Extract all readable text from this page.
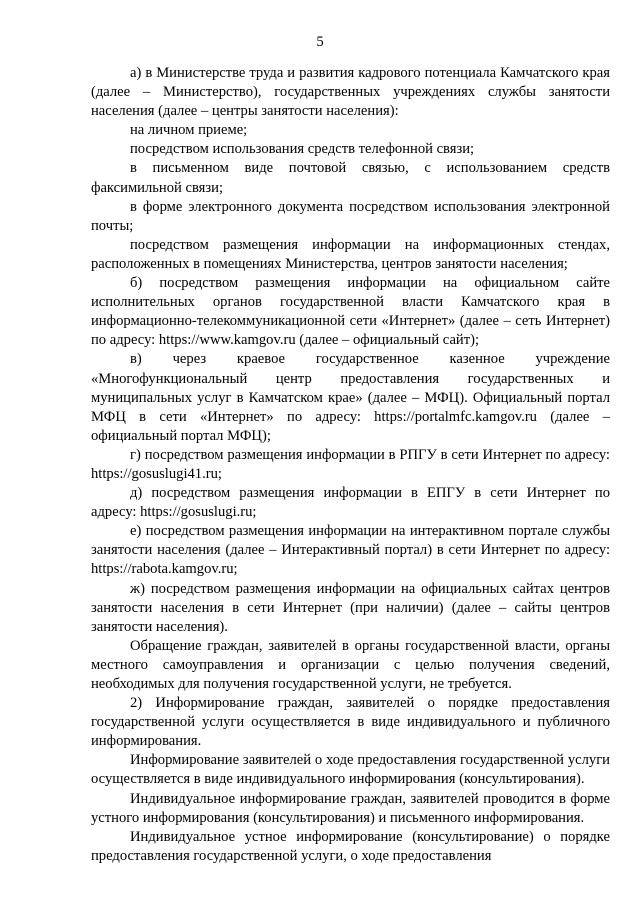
5

а) в Министерстве труда и развития кадрового потенциала Камчатского края (далее – Министерство), государственных учреждениях службы занятости населения (далее – центры занятости населения):

на личном приеме;

посредством использования средств телефонной связи;

в письменном виде почтовой связью, с использованием средств факсимильной связи;

в форме электронного документа посредством использования электронной почты;

посредством размещения информации на информационных стендах, расположенных в помещениях Министерства, центров занятости населения;

б) посредством размещения информации на официальном сайте исполнительных органов государственной власти Камчатского края в информационно-телекоммуникационной сети «Интернет» (далее – сеть Интернет) по адресу: https://www.kamgov.ru (далее – официальный сайт);

в) через краевое государственное казенное учреждение «Многофункциональный центр предоставления государственных и муниципальных услуг в Камчатском крае» (далее – МФЦ). Официальный портал МФЦ в сети «Интернет» по адресу: https://portalmfc.kamgov.ru (далее – официальный портал МФЦ);

г) посредством размещения информации в РПГУ в сети Интернет по адресу: https://gosuslugi41.ru;

д) посредством размещения информации в ЕПГУ в сети Интернет по адресу: https://gosuslugi.ru;

е) посредством размещения информации на интерактивном портале службы занятости населения (далее – Интерактивный портал) в сети Интернет по адресу: https://rabota.kamgov.ru;

ж) посредством размещения информации на официальных сайтах центров занятости населения в сети Интернет (при наличии) (далее – сайты центров занятости населения).

Обращение граждан, заявителей в органы государственной власти, органы местного самоуправления и организации с целью получения сведений, необходимых для получения государственной услуги, не требуется.

2) Информирование граждан, заявителей о порядке предоставления государственной услуги осуществляется в виде индивидуального и публичного информирования.

Информирование заявителей о ходе предоставления государственной услуги осуществляется в виде индивидуального информирования (консультирования).

Индивидуальное информирование граждан, заявителей проводится в форме устного информирования (консультирования) и письменного информирования.

Индивидуальное устное информирование (консультирование) о порядке предоставления государственной услуги, о ходе предоставления
